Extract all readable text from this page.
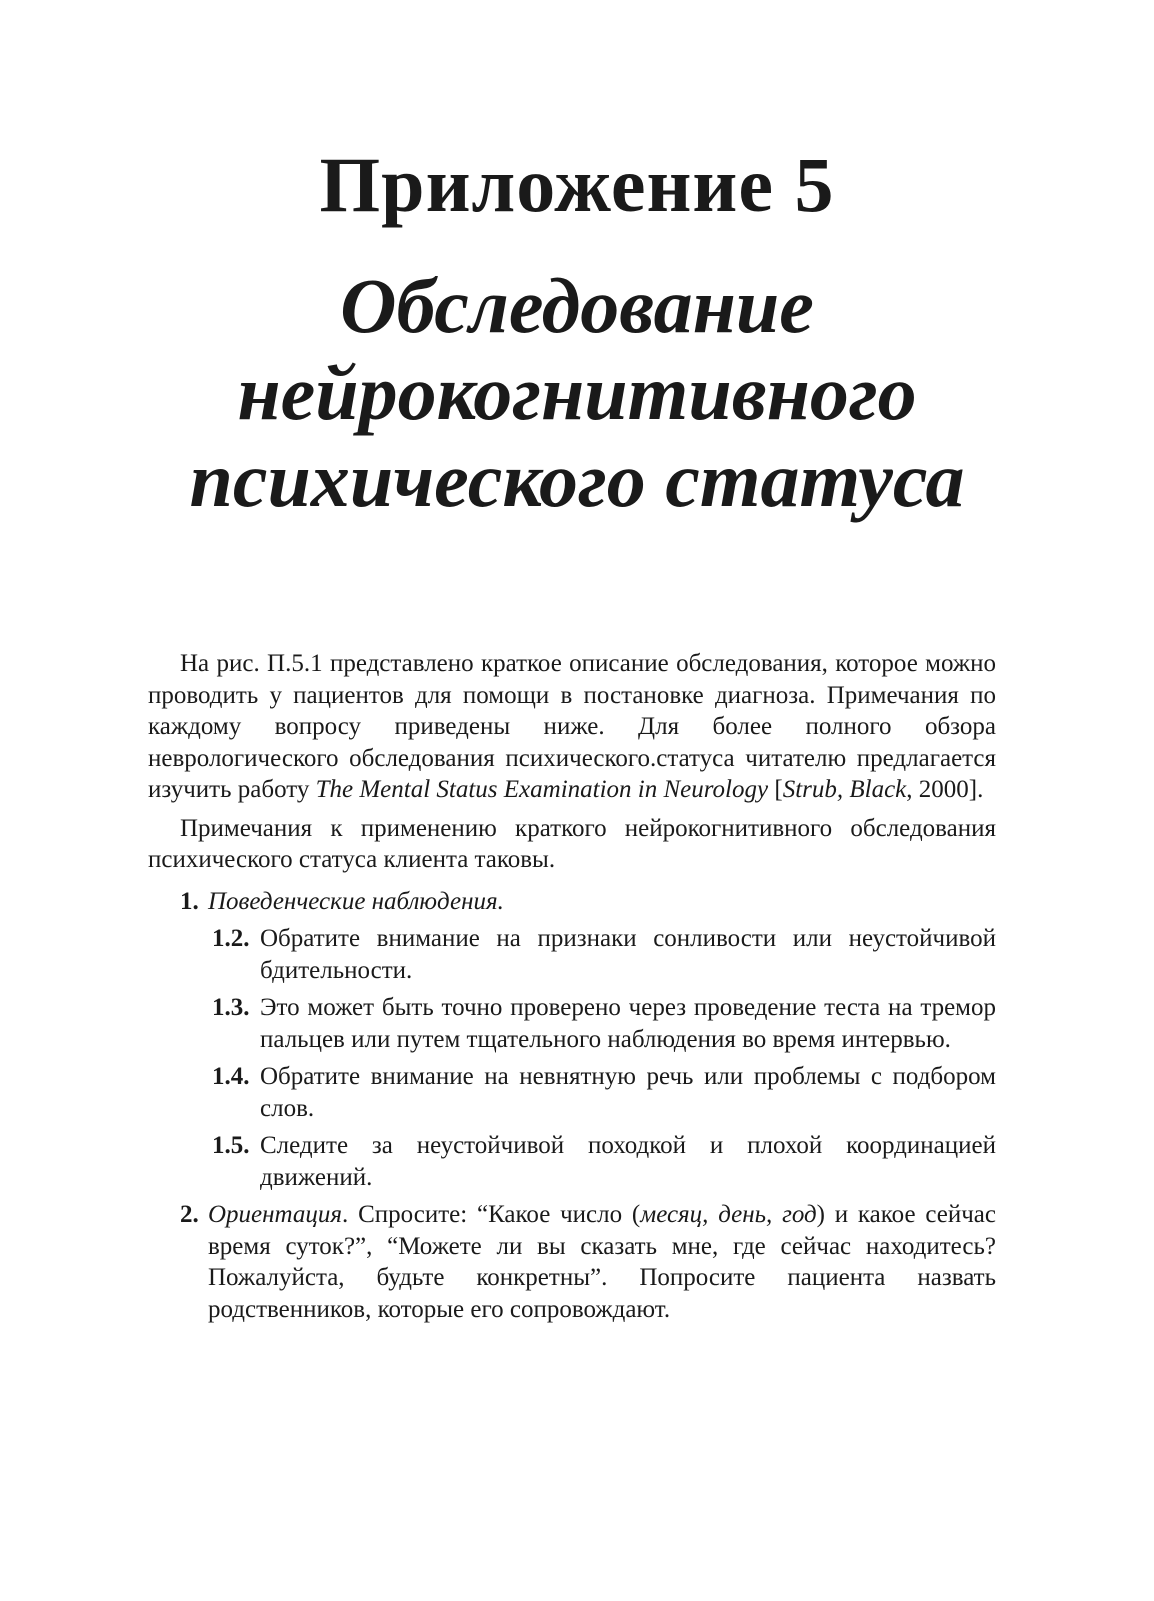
Приложение 5
Обследование
нейрокогнитивного
психического статуса

На рис. П.5.1 представлено краткое описание обследования, которое можно проводить у пациентов для помощи в постановке диагноза. Примечания по каждому вопросу приведены ниже. Для более полного обзора неврологического обследования психического.статуса читателю предлагается изучить работу The Mental Status Examination in Neurology [Strub, Black, 2000].

Примечания к применению краткого нейрокогнитивного обследования психического статуса клиента таковы.

1. Поведенческие наблюдения.
1.2. Обратите внимание на признаки сонливости или неустойчивой бдительности.
1.3. Это может быть точно проверено через проведение теста на тремор пальцев или путем тщательного наблюдения во время интервью.
1.4. Обратите внимание на невнятную речь или проблемы с подбором слов.
1.5. Следите за неустойчивой походкой и плохой координацией движений.
2. Ориентация. Спросите: “Какое число (месяц, день, год) и какое сейчас время суток?”, “Можете ли вы сказать мне, где сейчас находитесь? Пожалуйста, будьте конкретны”. Попросите пациента назвать родственников, которые его сопровождают.
